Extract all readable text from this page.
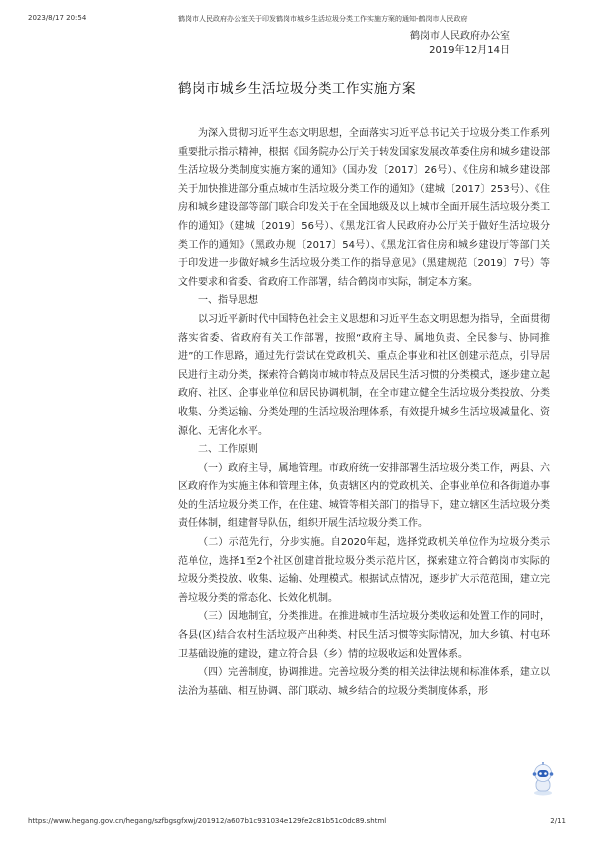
2023/8/17 20:54	鹤岗市人民政府办公室关于印发鹤岗市城乡生活垃圾分类工作实施方案的通知-鹤岗市人民政府
鹤岗市人民政府办公室
2019年12月14日
鹤岗市城乡生活垃圾分类工作实施方案

为深入贯彻习近平生态文明思想，全面落实习近平总书记关于垃圾分类工作系列重要批示指示精神，根据《国务院办公厅关于转发国家发展改革委住房和城乡建设部生活垃圾分类制度实施方案的通知》（国办发〔2017〕26号）、《住房和城乡建设部关于加快推进部分重点城市生活垃圾分类工作的通知》（建城〔2017〕253号）、《住房和城乡建设部等部门联合印发关于在全国地级及以上城市全面开展生活垃圾分类工作的通知》（建城〔2019〕56号）、《黑龙江省人民政府办公厅关于做好生活垃圾分类工作的通知》（黑政办规〔2017〕54号）、《黑龙江省住房和城乡建设厅等部门关于印发进一步做好城乡生活垃圾分类工作的指导意见》（黑建规范〔2019〕7号）等文件要求和省委、省政府工作部署，结合鹤岗市实际，制定本方案。

一、指导思想

以习近平新时代中国特色社会主义思想和习近平生态文明思想为指导，全面贯彻落实省委、省政府有关工作部署，按照“政府主导、属地负责、全民参与、协同推进”的工作思路，通过先行尝试在党政机关、重点企事业和社区创建示范点，引导居民进行主动分类，探索符合鹤岗市城市特点及居民生活习惯的分类模式，逐步建立起政府、社区、企事业单位和居民协调机制，在全市建立健全生活垃圾分类投放、分类收集、分类运输、分类处理的生活垃圾治理体系，有效提升城乡生活垃圾减量化、资源化、无害化水平。

二、工作原则

（一）政府主导，属地管理。市政府统一安排部署生活垃圾分类工作，两县、六区政府作为实施主体和管理主体，负责辖区内的党政机关、企事业单位和各街道办事处的生活垃圾分类工作，在住建、城管等相关部门的指导下，建立辖区生活垃圾分类责任体制，组建督导队伍，组织开展生活垃圾分类工作。

（二）示范先行，分步实施。自2020年起，选择党政机关单位作为垃圾分类示范单位，选择1至2个社区创建首批垃圾分类示范片区，探索建立符合鹤岗市实际的垃圾分类投放、收集、运输、处理模式。根据试点情况，逐步扩大示范范围，建立完善垃圾分类的常态化、长效化机制。

（三）因地制宜，分类推进。在推进城市生活垃圾分类收运和处置工作的同时，各县(区)结合农村生活垃圾产出种类、村民生活习惯等实际情况，加大乡镇、村屯环卫基础设施的建设，建立符合县（乡）情的垃圾收运和处置体系。

（四）完善制度，协调推进。完善垃圾分类的相关法律法规和标准体系，建立以法治为基础、相互协调、部门联动、城乡结合的垃圾分类制度体系，形

https://www.hegang.gov.cn/hegang/szfbgsgfxwj/201912/a607b1c931034e129fe2c81b51c0dc89.shtml	2/11
